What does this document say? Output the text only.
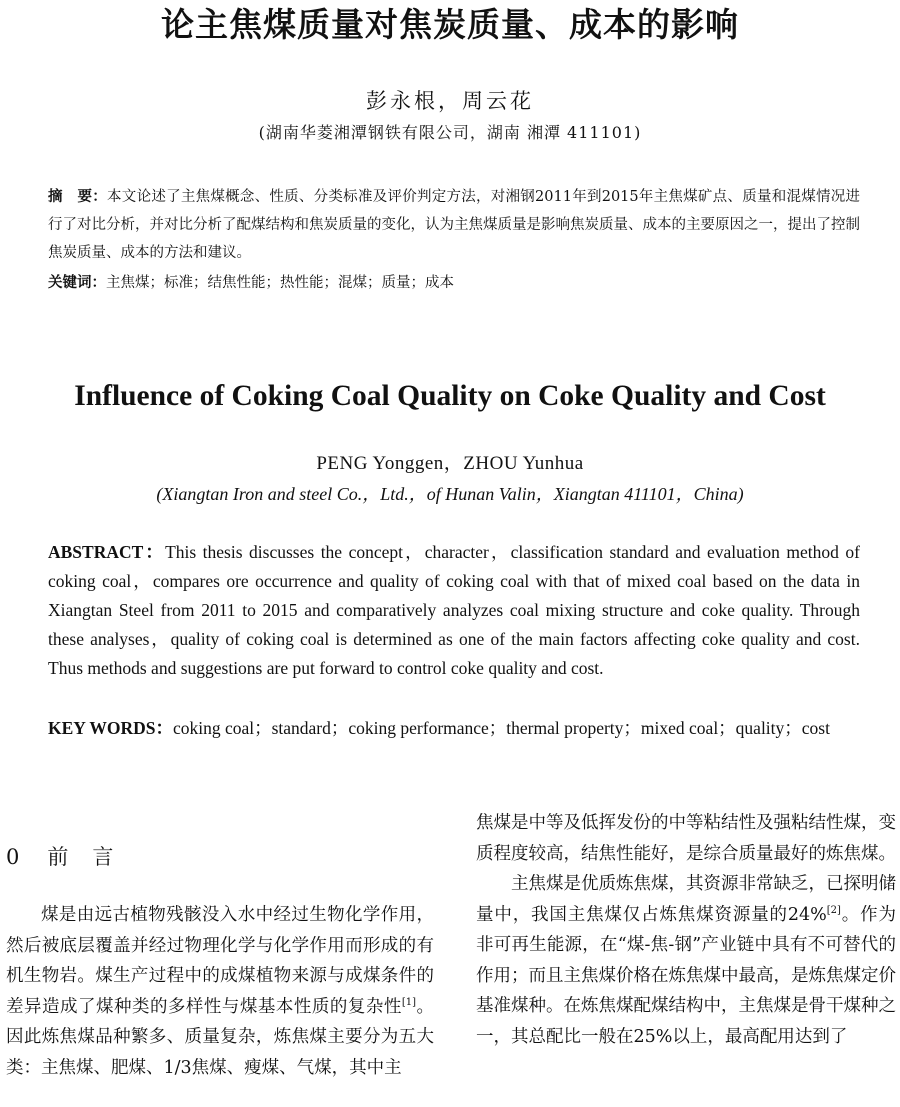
论主焦煤质量对焦炭质量、成本的影响
彭永根，周云花
(湖南华菱湘潭钢铁有限公司，湖南 湘潭 411101)
摘　要：本文论述了主焦煤概念、性质、分类标准及评价判定方法，对湘钢2011年到2015年主焦煤矿点、质量和混煤情况进行了对比分析，并对比分析了配煤结构和焦炭质量的变化，认为主焦煤质量是影响焦炭质量、成本的主要原因之一，提出了控制焦炭质量、成本的方法和建议。
关键词：主焦煤；标准；结焦性能；热性能；混煤；质量；成本
Influence of Coking Coal Quality on Coke Quality and Cost
PENG Yonggen，ZHOU Yunhua
(Xiangtan Iron and steel Co.，Ltd.，of Hunan Valin，Xiangtan 411101，China)
ABSTRACT：This thesis discusses the concept，character，classification standard and evaluation method of coking coal，compares ore occurrence and quality of coking coal with that of mixed coal based on the data in Xiangtan Steel from 2011 to 2015 and comparatively analyzes coal mixing structure and coke quality. Through these analyses，quality of coking coal is determined as one of the main factors affecting coke quality and cost. Thus methods and suggestions are put forward to control coke quality and cost.
KEY WORDS：coking coal；standard；coking performance；thermal property；mixed coal；quality；cost
0 前言

煤是由远古植物残骸没入水中经过生物化学作用，然后被底层覆盖并经过物理化学与化学作用而形成的有机生物岩。煤生产过程中的成煤植物来源与成煤条件的差异造成了煤种类的多样性与煤基本性质的复杂性[1]。因此炼焦煤品种繁多、质量复杂，炼焦煤主要分为五大类：主焦煤、肥煤、1/3焦煤、瘦煤、气煤，其中主

焦煤是中等及低挥发份的中等粘结性及强粘结性煤，变质程度较高，结焦性能好，是综合质量最好的炼焦煤。

主焦煤是优质炼焦煤，其资源非常缺乏，已探明储量中，我国主焦煤仅占炼焦煤资源量的24%[2]。作为非可再生能源，在“煤-焦-钢”产业链中具有不可替代的作用；而且主焦煤价格在炼焦煤中最高，是炼焦煤定价基准煤种。在炼焦煤配煤结构中，主焦煤是骨干煤种之一，其总配比一般在25%以上，最高配用达到了
